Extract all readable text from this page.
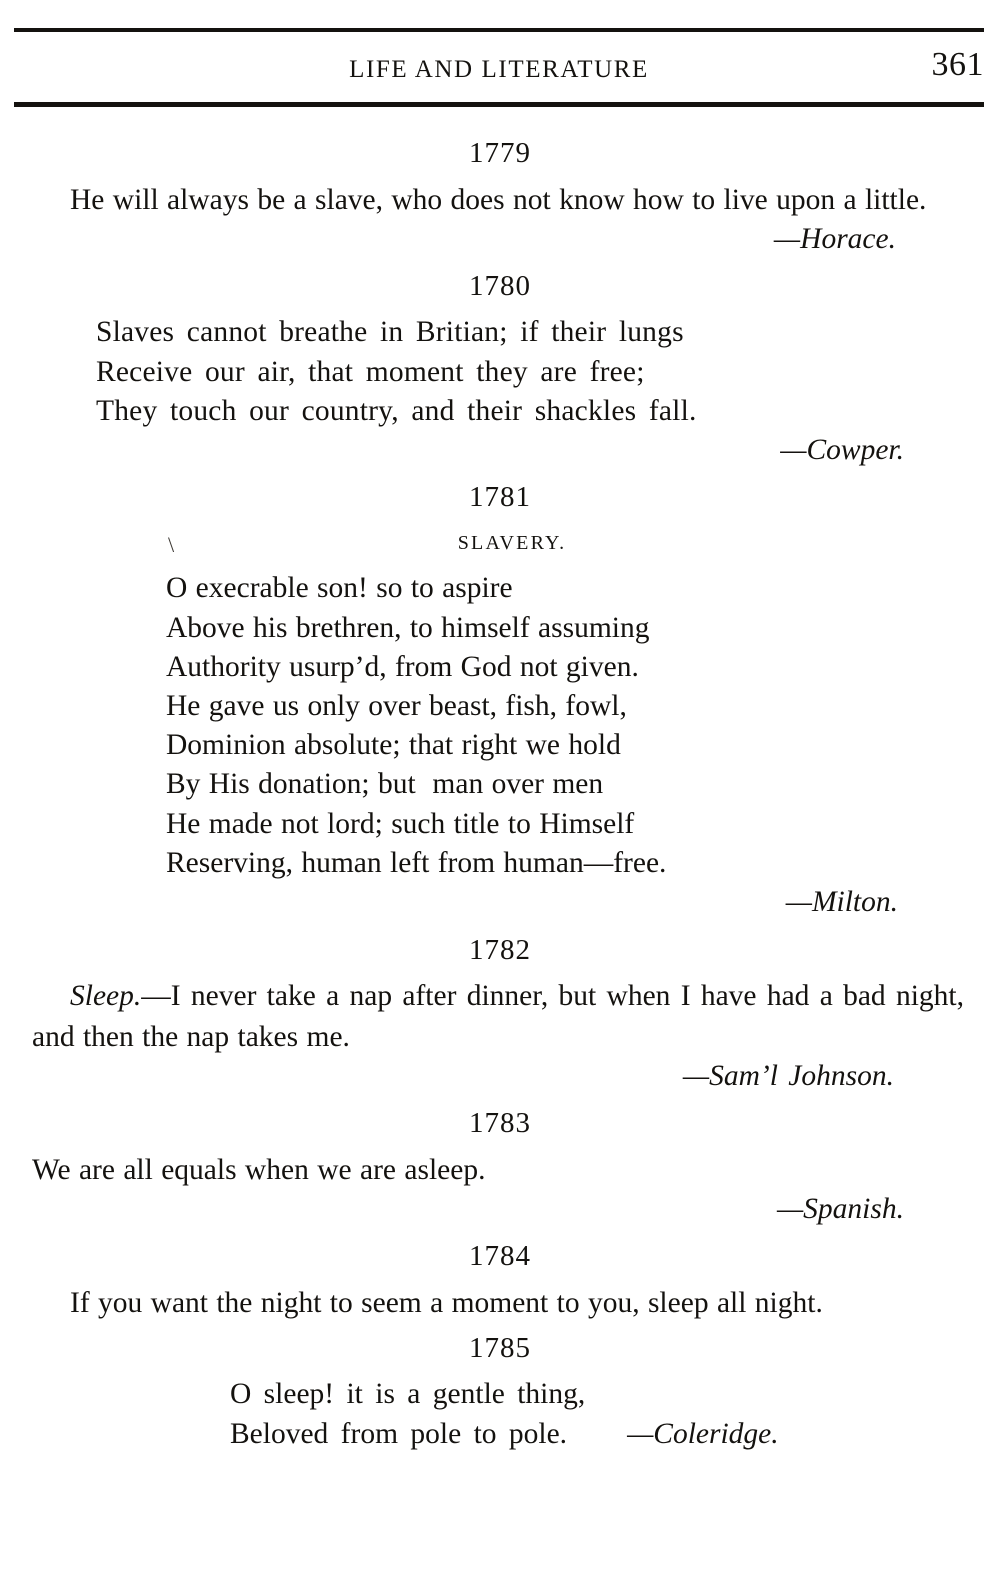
LIFE AND LITERATURE	361
1779

He will always be a slave, who does not know how to live upon a little.

—Horace.
1780
Slaves cannot breathe in Britian; if their lungs
Receive our air, that moment they are free;
They touch our country, and their shackles fall.
—Cowper.
1781
\	SLAVERY.
O execrable son! so to aspire
Above his brethren, to himself assuming
Authority usurp’d, from God not given.
He gave us only over beast, fish, fowl,
Dominion absolute; that right we hold
By His donation; but  man over men
He made not lord; such title to Himself
Reserving, human left from human—free.
—Milton.
1782

Sleep.—I never take a nap after dinner, but when I have had a bad night, and then the nap takes me.

—Sam’l Johnson.
1783

We are all equals when we are asleep.

—Spanish.
1784

If you want the night to seem a moment to you, sleep all night.

1785
O sleep! it is a gentle thing,
Beloved from pole to pole. —Coleridge.
